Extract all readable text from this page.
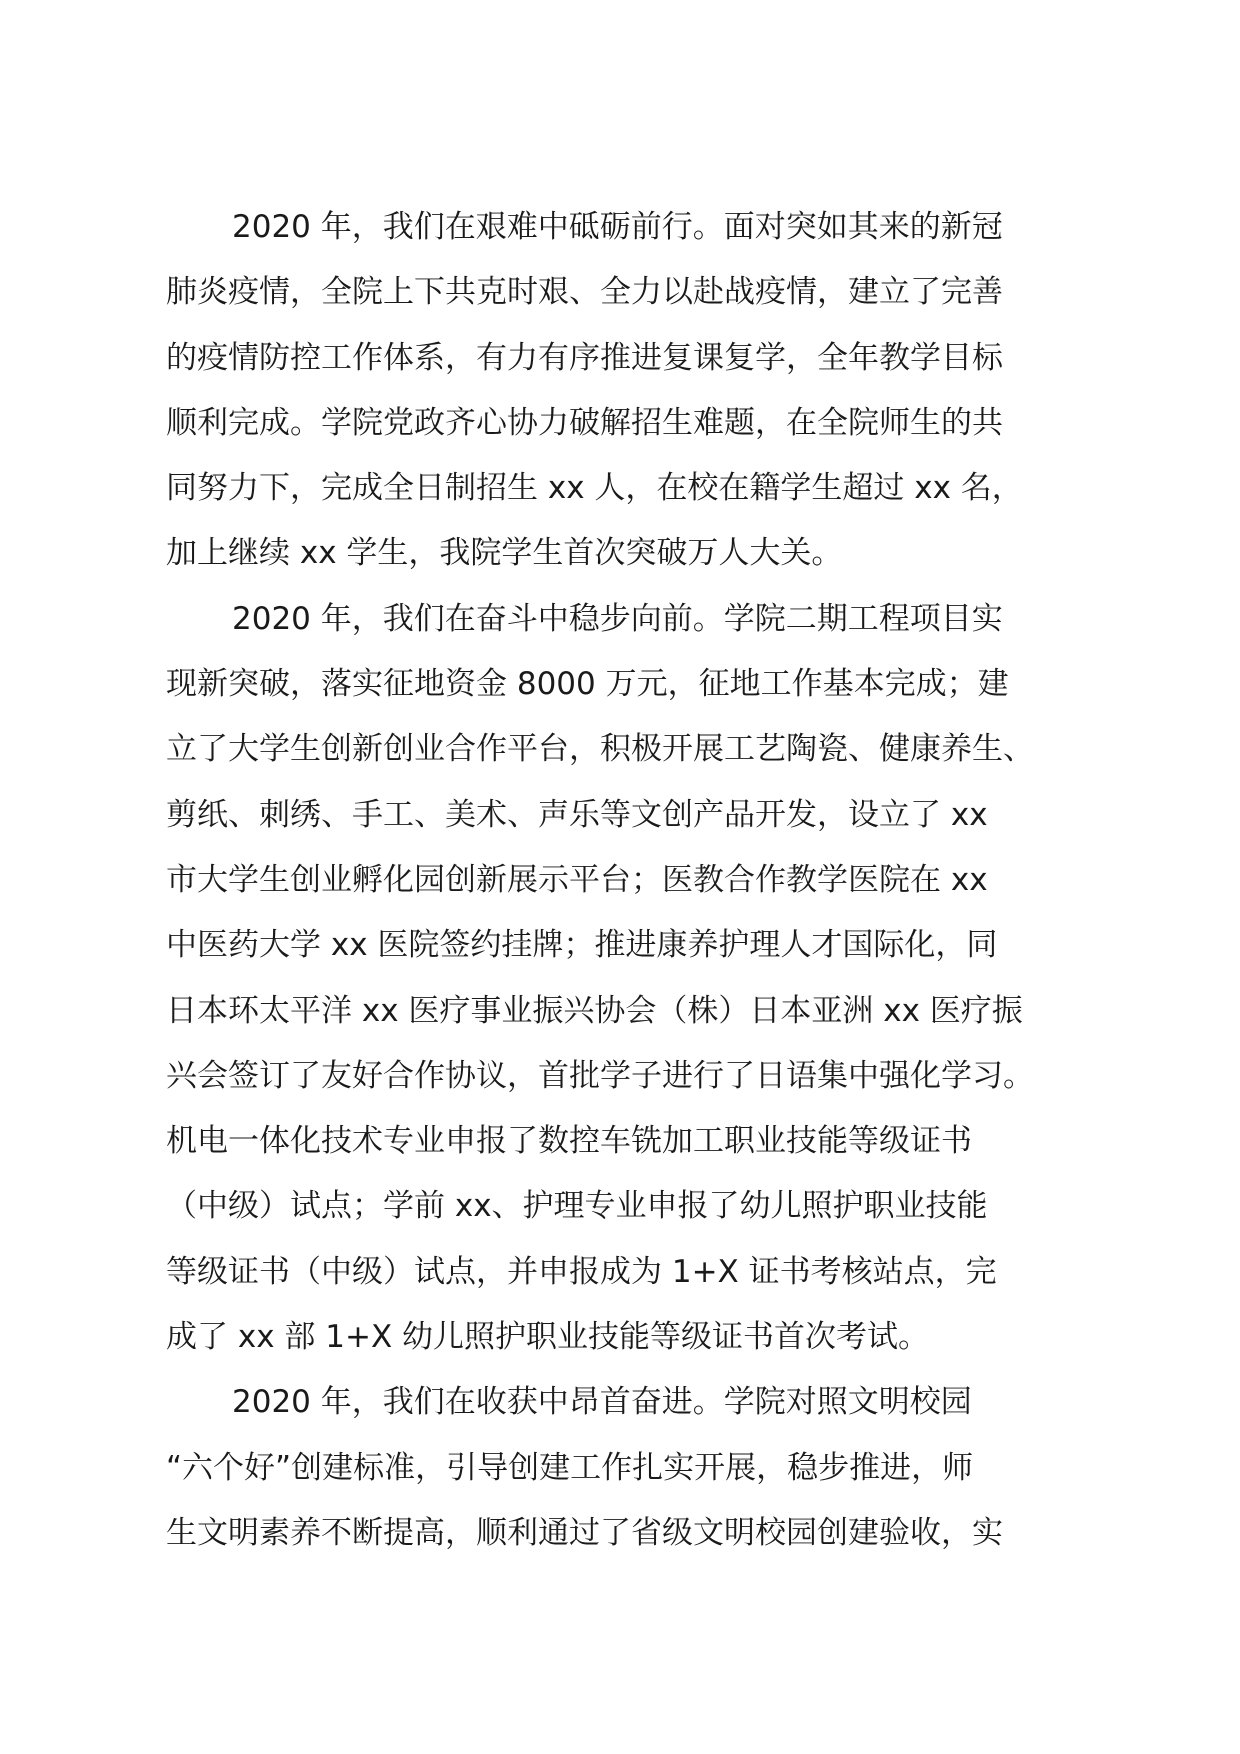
2020 年，我们在艰难中砥砺前行。面对突如其来的新冠
肺炎疫情，全院上下共克时艰、全力以赴战疫情，建立了完善
的疫情防控工作体系，有力有序推进复课复学，全年教学目标
顺利完成。学院党政齐心协力破解招生难题，在全院师生的共
同努力下，完成全日制招生 xx 人，在校在籍学生超过 xx 名，
加上继续 xx 学生，我院学生首次突破万人大关。

2020 年，我们在奋斗中稳步向前。学院二期工程项目实
现新突破，落实征地资金 8000 万元，征地工作基本完成；建
立了大学生创新创业合作平台，积极开展工艺陶瓷、健康养生、
剪纸、刺绣、手工、美术、声乐等文创产品开发，设立了 xx
市大学生创业孵化园创新展示平台；医教合作教学医院在 xx
中医药大学 xx 医院签约挂牌；推进康养护理人才国际化，同
日本环太平洋 xx 医疗事业振兴协会（株）日本亚洲 xx 医疗振
兴会签订了友好合作协议，首批学子进行了日语集中强化学习。
机电一体化技术专业申报了数控车铣加工职业技能等级证书
（中级）试点；学前 xx、护理专业申报了幼儿照护职业技能
等级证书（中级）试点，并申报成为 1+X 证书考核站点，完
成了 xx 部 1+X 幼儿照护职业技能等级证书首次考试。

2020 年，我们在收获中昂首奋进。学院对照文明校园
“六个好”创建标准，引导创建工作扎实开展，稳步推进，师
生文明素养不断提高，顺利通过了省级文明校园创建验收，实
